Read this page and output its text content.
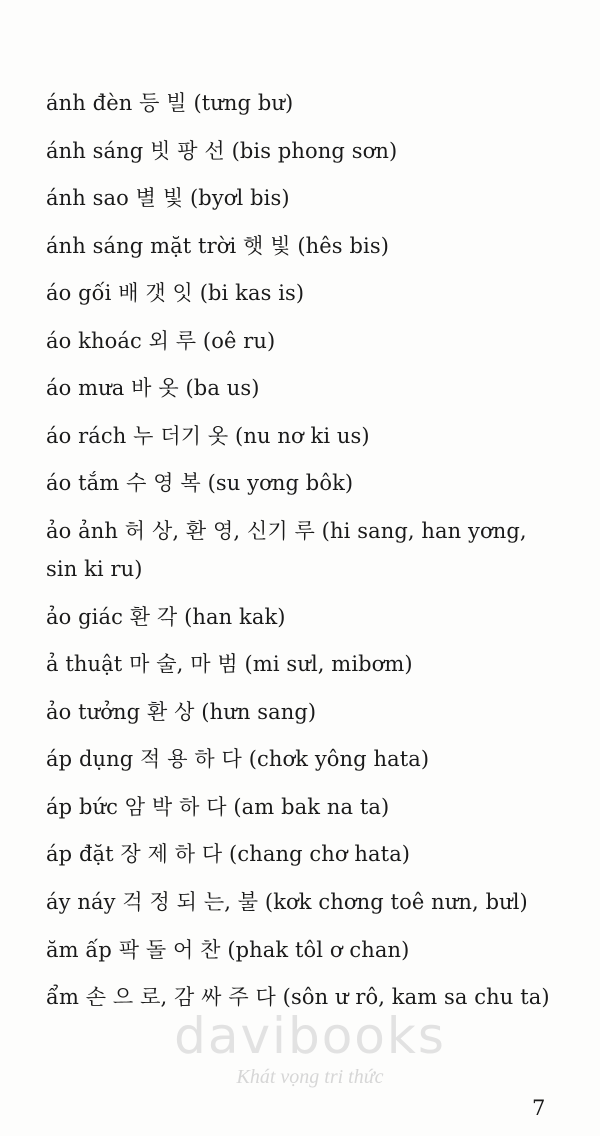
ánh đèn 등 빌 (tưng bư)
ánh sáng 빗 팡 선 (bis phong sơn)
ánh sao 별 빛 (byơl bis)
ánh sáng mặt trời 햇 빛 (hês bis)
áo gối 배 갯 잇 (bi kas is)
áo khoác 외 루 (oê ru)
áo mưa 바 옷 (ba us)
áo rách 누 더기 옷 (nu nơ ki us)
áo tắm 수 영 복 (su yơng bôk)
ảo ảnh 허 상, 환 영, 신기 루 (hi sang, han yơng, sin ki ru)
ảo giác 환 각 (han kak)
ả thuật 마 술, 마 범 (mi sưl, mibơm)
ảo tưởng 환 상 (hưn sang)
áp dụng 적 용 하 다 (chơk yông hata)
áp bức 암 박 하 다 (am bak na ta)
áp đặt 장 제 하 다 (chang chơ hata)
áy náy 걱 정 되 는, 불 (kơk chơng toê nưn, bưl)
ăm ấp 팍 돌 어 찬 (phak tôl ơ chan)
ẩm 손 으 로, 감 싸 주 다 (sôn ư rô, kam sa chu ta)
davibooks
Khát vọng tri thức
7
